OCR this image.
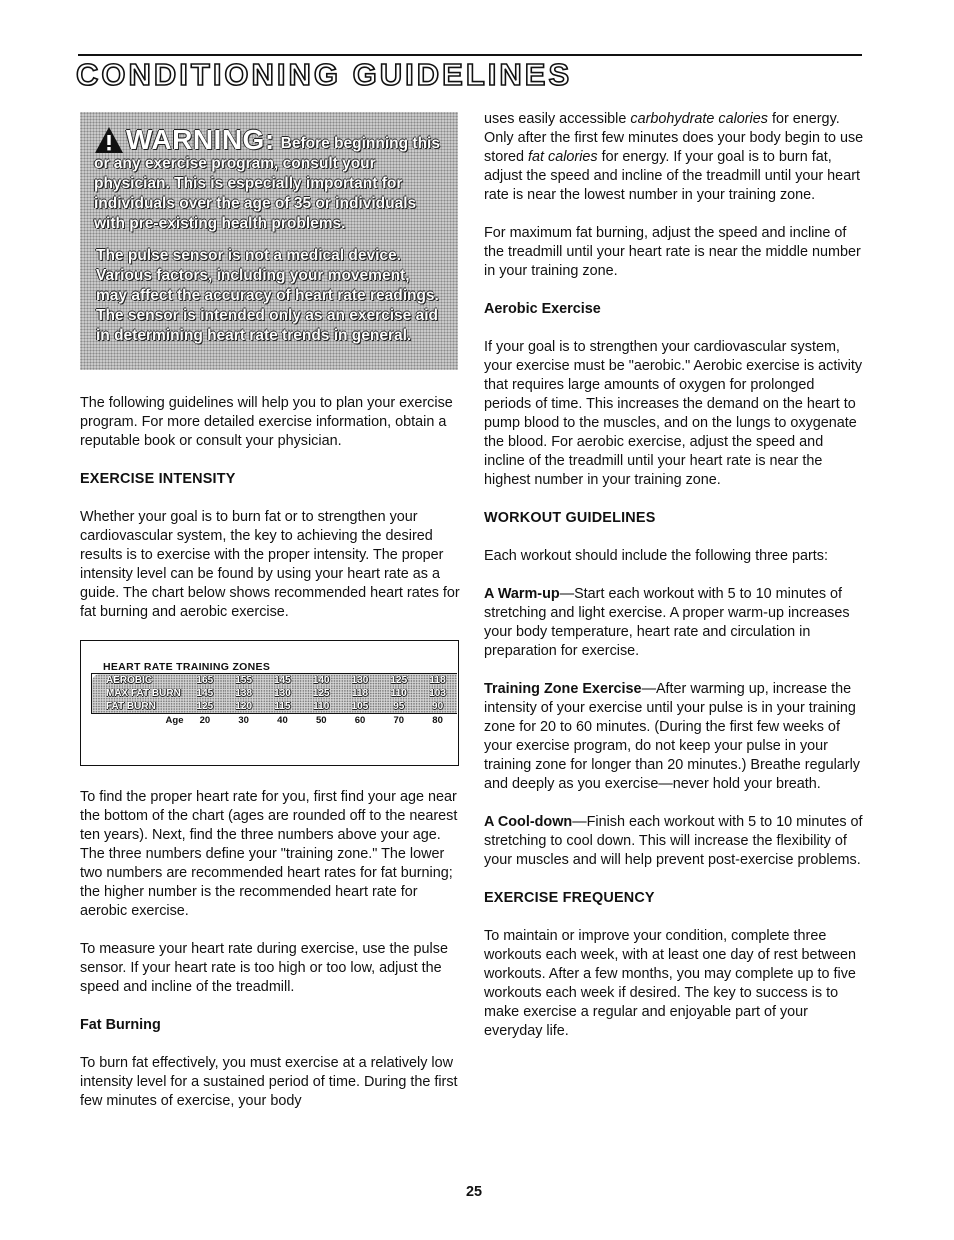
CONDITIONING GUIDELINES
WARNING: Before beginning this
or any exercise program, consult your physician. This is especially important for individuals over the age of 35 or individuals with pre-existing health problems.
The pulse sensor is not a medical device. Various factors, including your movement, may affect the accuracy of heart rate readings. The sensor is intended only as an exercise aid in determining heart rate trends in general.

The following guidelines will help you to plan your exercise program. For more detailed exercise information, obtain a reputable book or consult your physician.

EXERCISE INTENSITY

Whether your goal is to burn fat or to strengthen your cardiovascular system, the key to achieving the desired results is to exercise with the proper intensity. The proper intensity level can be found by using your heart rate as a guide. The chart below shows recommended heart rates for fat burning and aerobic exercise.

HEART RATE TRAINING ZONES
AEROBIC	165	155	145	140	130	125	118
MAX FAT BURN	145	138	130	125	118	110	103
FAT BURN	125	120	115	110	105	95	90
Age	20	30	40	50	60	70	80

To find the proper heart rate for you, first find your age near the bottom of the chart (ages are rounded off to the nearest ten years). Next, find the three numbers above your age. The three numbers define your "training zone." The lower two numbers are recommended heart rates for fat burning; the higher number is the recommended heart rate for aerobic exercise.

To measure your heart rate during exercise, use the pulse sensor. If your heart rate is too high or too low, adjust the speed and incline of the treadmill.

Fat Burning

To burn fat effectively, you must exercise at a relatively low intensity level for a sustained period of time. During the first few minutes of exercise, your body

uses easily accessible carbohydrate calories for energy. Only after the first few minutes does your body begin to use stored fat calories for energy. If your goal is to burn fat, adjust the speed and incline of the treadmill until your heart rate is near the lowest number in your training zone.

For maximum fat burning, adjust the speed and incline of the treadmill until your heart rate is near the middle number in your training zone.

Aerobic Exercise

If your goal is to strengthen your cardiovascular system, your exercise must be "aerobic." Aerobic exercise is activity that requires large amounts of oxygen for prolonged periods of time. This increases the demand on the heart to pump blood to the muscles, and on the lungs to oxygenate the blood. For aerobic exercise, adjust the speed and incline of the treadmill until your heart rate is near the highest number in your training zone.

WORKOUT GUIDELINES

Each workout should include the following three parts:

A Warm-up—Start each workout with 5 to 10 minutes of stretching and light exercise. A proper warm-up increases your body temperature, heart rate and circulation in preparation for exercise.

Training Zone Exercise—After warming up, increase the intensity of your exercise until your pulse is in your training zone for 20 to 60 minutes. (During the first few weeks of your exercise program, do not keep your pulse in your training zone for longer than 20 minutes.) Breathe regularly and deeply as you exercise—never hold your breath.

A Cool-down—Finish each workout with 5 to 10 minutes of stretching to cool down. This will increase the flexibility of your muscles and will help prevent post-exercise problems.

EXERCISE FREQUENCY

To maintain or improve your condition, complete three workouts each week, with at least one day of rest between workouts. After a few months, you may complete up to five workouts each week if desired. The key to success is to make exercise a regular and enjoyable part of your everyday life.

25
